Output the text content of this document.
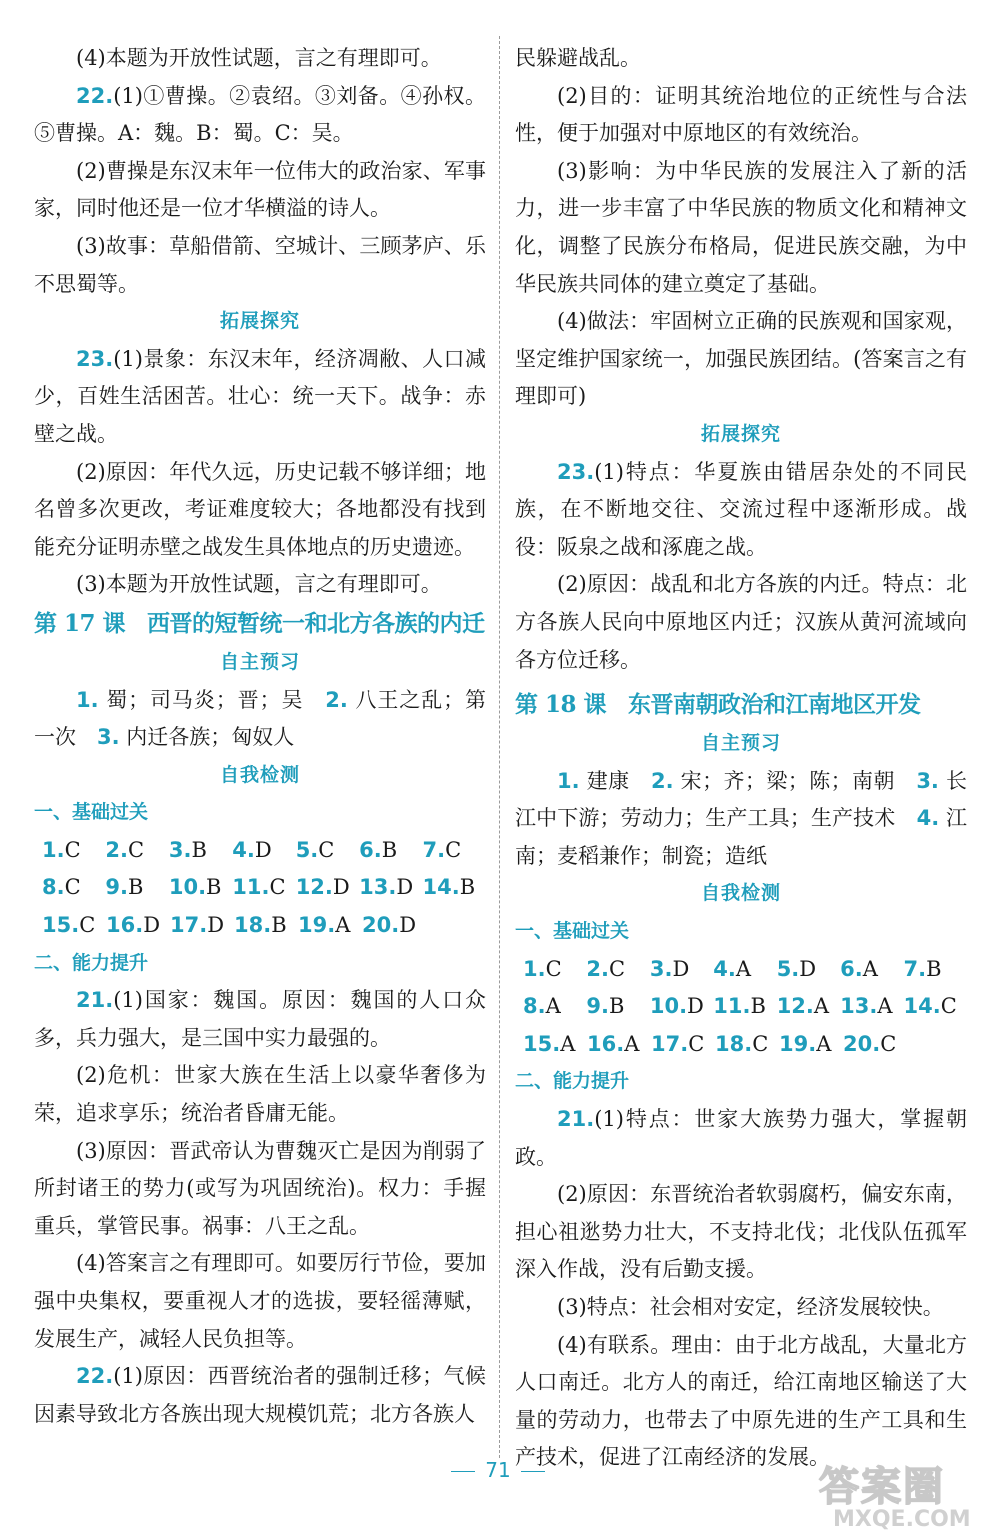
(4)本题为开放性试题，言之有理即可。

22.(1)①曹操。②袁绍。③刘备。④孙权。⑤曹操。A：魏。B：蜀。C：吴。

(2)曹操是东汉末年一位伟大的政治家、军事家，同时他还是一位才华横溢的诗人。

(3)故事：草船借箭、空城计、三顾茅庐、乐不思蜀等。

拓展探究

23.(1)景象：东汉末年，经济凋敝、人口减少，百姓生活困苦。壮心：统一天下。战争：赤壁之战。

(2)原因：年代久远，历史记载不够详细；地名曾多次更改，考证难度较大；各地都没有找到能充分证明赤壁之战发生具体地点的历史遗迹。

(3)本题为开放性试题，言之有理即可。

第 17 课 西晋的短暂统一和北方各族的内迁
自主预习

1. 蜀；司马炎；晋；吴　 2. 八王之乱；第一次　 3. 内迁各族；匈奴人

自我检测
一、基础过关
1.C	2.C	3.B	4.D	5.C	6.B	7.C
8.C	9.B	10.B 11.C 12.D 13.D 14.B
15.C 16.D 17.D 18.B 19.A 20.D
二、能力提升

21.(1)国家：魏国。原因：魏国的人口众多，兵力强大，是三国中实力最强的。

(2)危机：世家大族在生活上以豪华奢侈为荣，追求享乐；统治者昏庸无能。

(3)原因：晋武帝认为曹魏灭亡是因为削弱了所封诸王的势力(或写为巩固统治)。权力：手握重兵，掌管民事。祸事：八王之乱。

(4)答案言之有理即可。如要厉行节俭，要加强中央集权，要重视人才的选拔，要轻徭薄赋，发展生产，减轻人民负担等。

22.(1)原因：西晋统治者的强制迁移；气候因素导致北方各族出现大规模饥荒；北方各族人

民躲避战乱。

(2)目的：证明其统治地位的正统性与合法性，便于加强对中原地区的有效统治。

(3)影响：为中华民族的发展注入了新的活力，进一步丰富了中华民族的物质文化和精神文化，调整了民族分布格局，促进民族交融，为中华民族共同体的建立奠定了基础。

(4)做法：牢固树立正确的民族观和国家观，坚定维护国家统一，加强民族团结。(答案言之有理即可)

拓展探究

23.(1)特点：华夏族由错居杂处的不同民族，在不断地交往、交流过程中逐渐形成。战役：阪泉之战和涿鹿之战。

(2)原因：战乱和北方各族的内迁。特点：北方各族人民向中原地区内迁；汉族从黄河流域向各方位迁移。

第 18 课 东晋南朝政治和江南地区开发
自主预习

1. 建康　 2. 宋；齐；梁；陈；南朝　 3. 长江中下游；劳动力；生产工具；生产技术　 4. 江南；麦稻兼作；制瓷；造纸

自我检测
一、基础过关
1.C	2.C	3.D	4.A	5.D	6.A	7.B
8.A	9.B	10.D 11.B 12.A 13.A 14.C
15.A 16.A 17.C 18.C 19.A 20.C
二、能力提升

21.(1)特点：世家大族势力强大，掌握朝政。

(2)原因：东晋统治者软弱腐朽，偏安东南，担心祖逖势力壮大，不支持北伐；北伐队伍孤军深入作战，没有后勤支援。

(3)特点：社会相对安定，经济发展较快。

(4)有联系。理由：由于北方战乱，大量北方人口南迁。北方人的南迁，给江南地区输送了大量的劳动力，也带去了中原先进的生产工具和生产技术，促进了江南经济的发展。

71	答案圈
MXQE.COM
